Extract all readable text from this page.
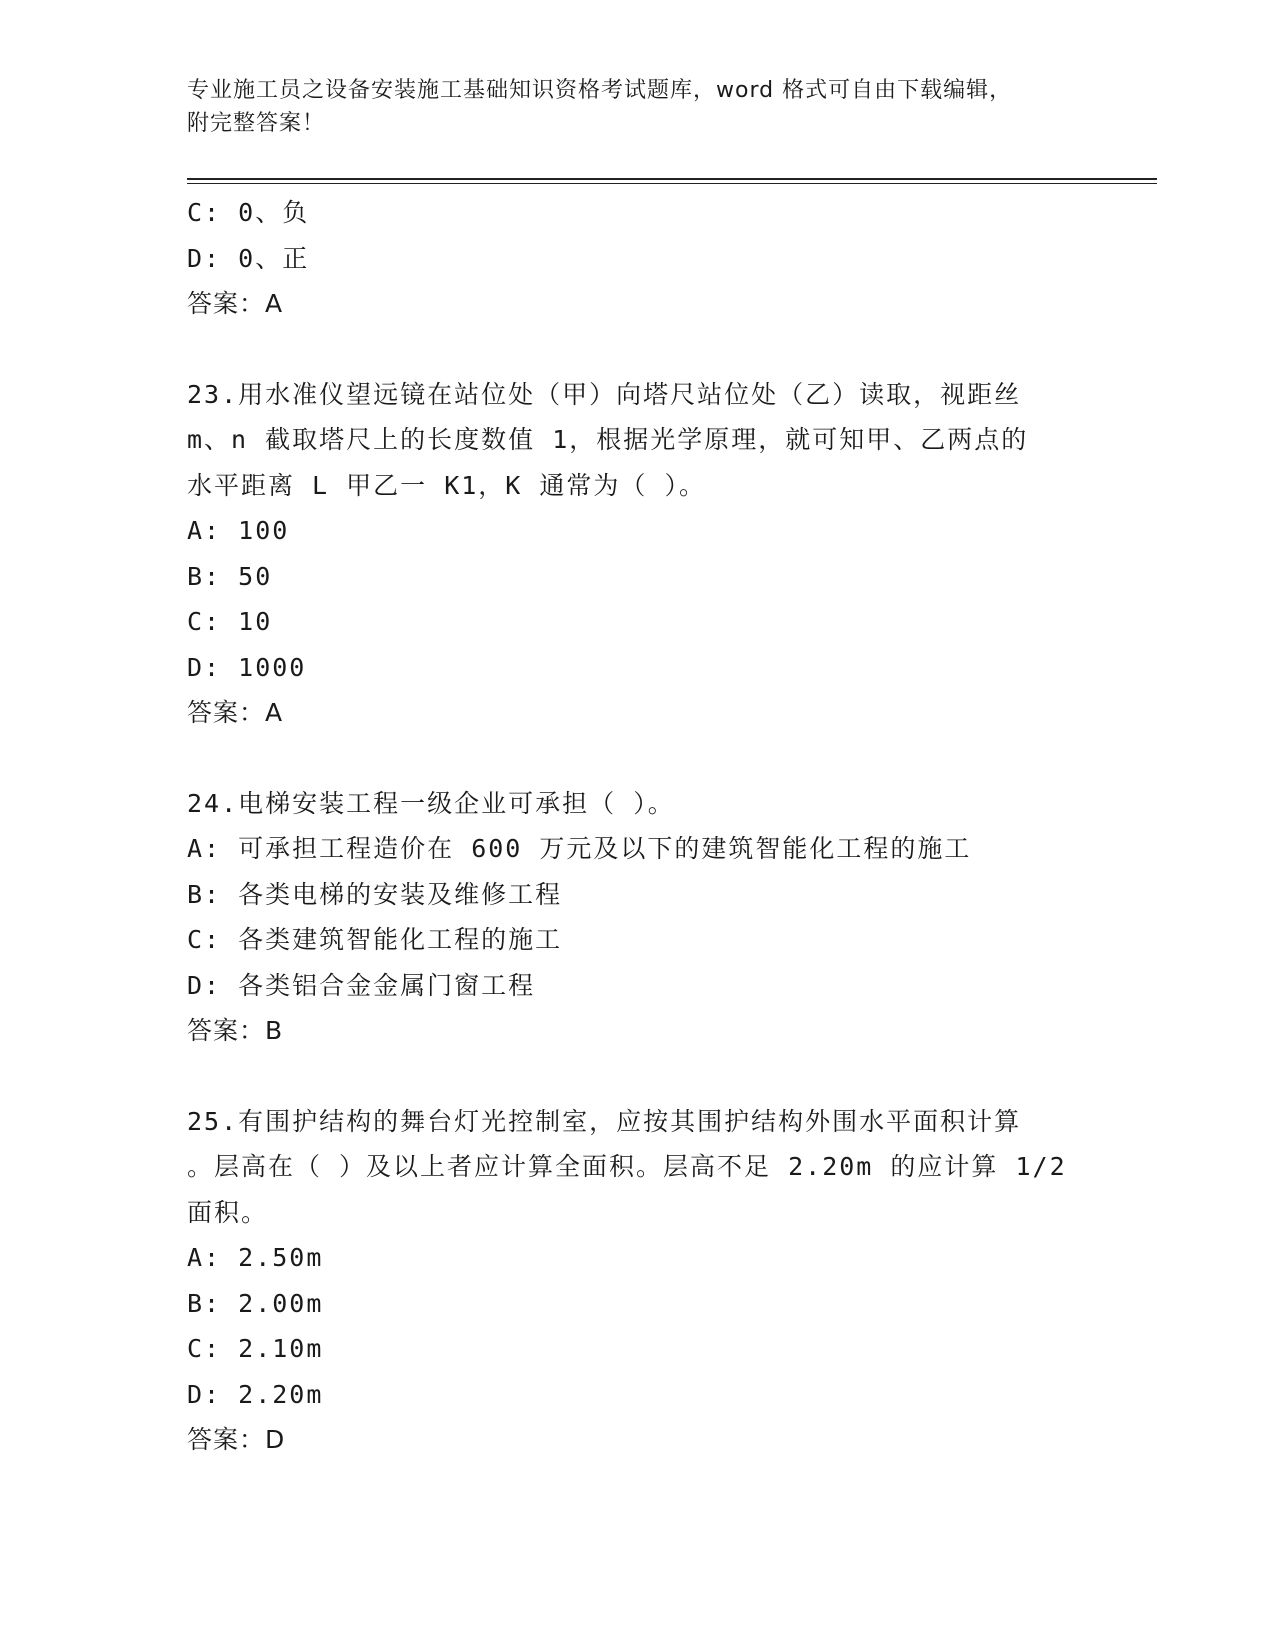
专业施工员之设备安装施工基础知识资格考试题库，word 格式可自由下载编辑，
附完整答案！
C: 0、负
D: 0、正
答案：A
23.用水准仪望远镜在站位处（甲）向塔尺站位处（乙）读取，视距丝
m、n 截取塔尺上的长度数值 1，根据光学原理，就可知甲、乙两点的
水平距离 L 甲乙一 K1，K 通常为（ ）。
A: 100
B: 50
C: 10
D: 1000
答案：A
24.电梯安装工程一级企业可承担（ ）。
A: 可承担工程造价在 600 万元及以下的建筑智能化工程的施工
B: 各类电梯的安装及维修工程
C: 各类建筑智能化工程的施工
D: 各类铝合金金属门窗工程
答案：B
25.有围护结构的舞台灯光控制室，应按其围护结构外围水平面积计算
。层高在（ ）及以上者应计算全面积。层高不足 2.20m 的应计算 1/2
面积。
A: 2.50m
B: 2.00m
C: 2.10m
D: 2.20m
答案：D
